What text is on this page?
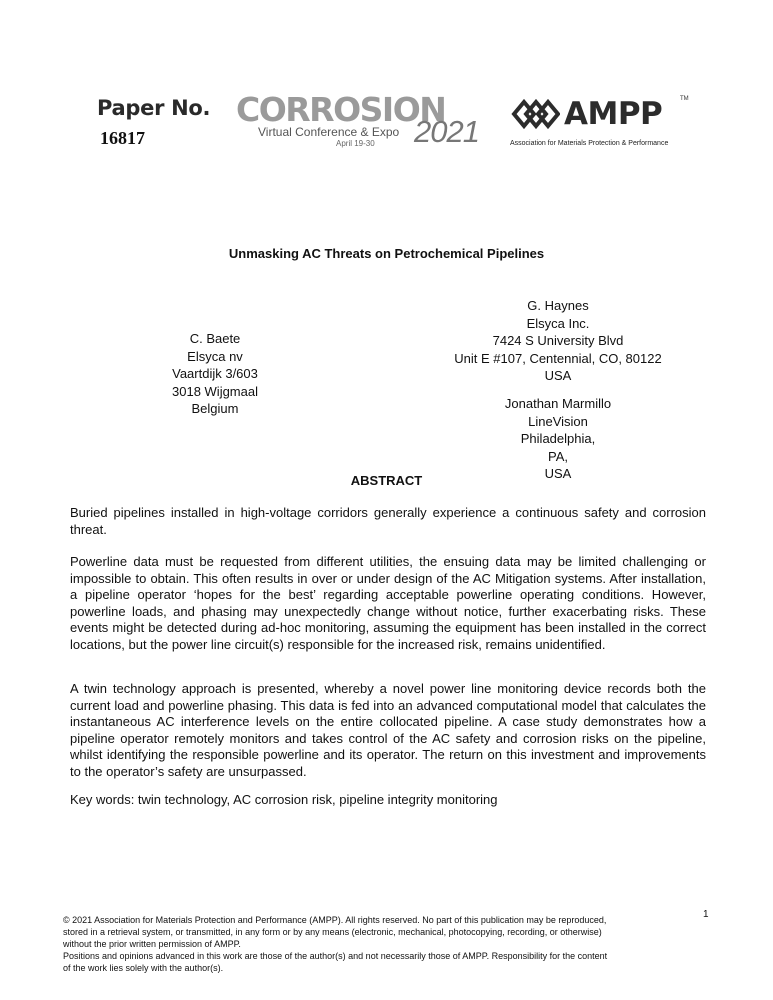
Paper No.
16817
CORROSION
Virtual Conference & Expo
April 19-30 2021	AMPP	TM
Association for Materials Protection & Performance
Unmasking AC Threats on Petrochemical Pipelines
C. Baete
Elsyca nv
Vaartdijk 3/603
3018 Wijgmaal
Belgium
G. Haynes
Elsyca Inc.
7424 S University Blvd
Unit E #107, Centennial, CO, 80122
USA
Jonathan Marmillo
LineVision
Philadelphia,
PA,
USA
ABSTRACT

Buried pipelines installed in high-voltage corridors generally experience a continuous safety and corrosion threat.

Powerline data must be requested from different utilities, the ensuing data may be limited challenging or impossible to obtain. This often results in over or under design of the AC Mitigation systems. After installation, a pipeline operator ‘hopes for the best’ regarding acceptable powerline operating conditions. However, powerline loads, and phasing may unexpectedly change without notice, further exacerbating risks. These events might be detected during ad-hoc monitoring, assuming the equipment has been installed in the correct locations, but the power line circuit(s) responsible for the increased risk, remains unidentified.

A twin technology approach is presented, whereby a novel power line monitoring device records both the current load and powerline phasing. This data is fed into an advanced computational model that calculates the instantaneous AC interference levels on the entire collocated pipeline. A case study demonstrates how a pipeline operator remotely monitors and takes control of the AC safety and corrosion risks on the pipeline, whilst identifying the responsible powerline and its operator. The return on this investment and improvements to the operator’s safety are unsurpassed.

Key words: twin technology, AC corrosion risk, pipeline integrity monitoring

1
© 2021 Association for Materials Protection and Performance (AMPP). All rights reserved. No part of this publication may be reproduced,
stored in a retrieval system, or transmitted, in any form or by any means (electronic, mechanical, photocopying, recording, or otherwise)
without the prior written permission of AMPP.
Positions and opinions advanced in this work are those of the author(s) and not necessarily those of AMPP. Responsibility for the content
of the work lies solely with the author(s).
